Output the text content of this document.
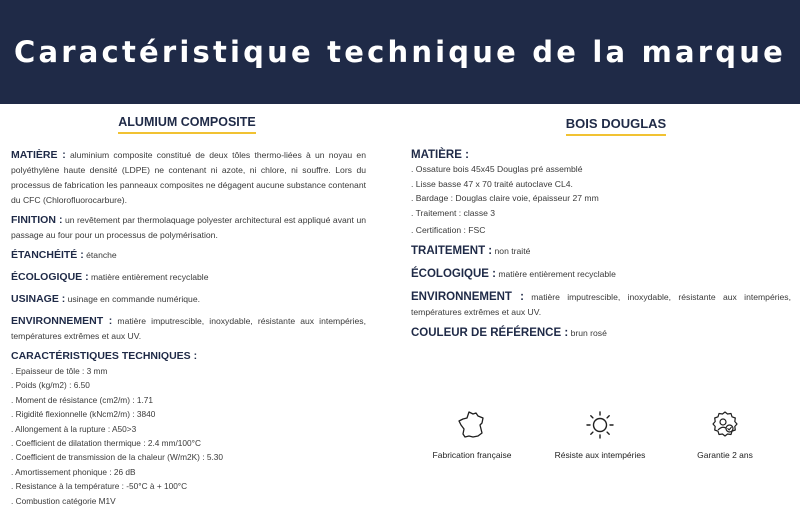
Caractéristique technique de la marque
ALUMIUM COMPOSITE

MATIÈRE : aluminium composite constitué de deux tôles thermo-liées à un noyau en polyéthylène haute densité (LDPE) ne contenant ni azote, ni chlore, ni souffre. Lors du processus de fabrication les panneaux composites ne dégagent aucune substance contenant du CFC (Chlorofluorocarbure).

FINITION : un revêtement par thermolaquage polyester architectural est appliqué avant un passage au four pour un processus de polymérisation.

ÉTANCHÉITÉ : étanche

ÉCOLOGIQUE : matière entièrement recyclable

USINAGE : usinage en commande numérique.

ENVIRONNEMENT : matière imputrescible, inoxydable, résistante aux intempéries, températures extrêmes et aux UV.

CARACTÉRISTIQUES TECHNIQUES :
. Epaisseur de tôle : 3 mm
. Poids (kg/m2) : 6.50
. Moment de résistance (cm2/m) : 1.71
. Rigidité flexionnelle (kNcm2/m) : 3840
. Allongement à la rupture : A50>3
. Coefficient de dilatation thermique : 2.4 mm/100°C
. Coefficient de transmission de la chaleur (W/m2K) : 5.30
. Amortissement phonique : 26 dB
. Resistance à la température : -50°C à + 100°C
. Combustion catégorie M1V
BOIS DOUGLAS
MATIÈRE :
. Ossature bois 45x45 Douglas pré assemblé
. Lisse basse 47 x 70 traité autoclave CL4.
. Bardage : Douglas claire voie, épaisseur 27 mm
. Traitement : classe 3
. Certification : FSC

TRAITEMENT : non traité

ÉCOLOGIQUE : matière entièrement recyclable

ENVIRONNEMENT : matière imputrescible, inoxydable, résistante aux intempéries, températures extrêmes et aux UV.

COULEUR DE RÉFÉRENCE : brun rosé

Fabrication française	Résiste aux intempéries	Garantie 2 ans
